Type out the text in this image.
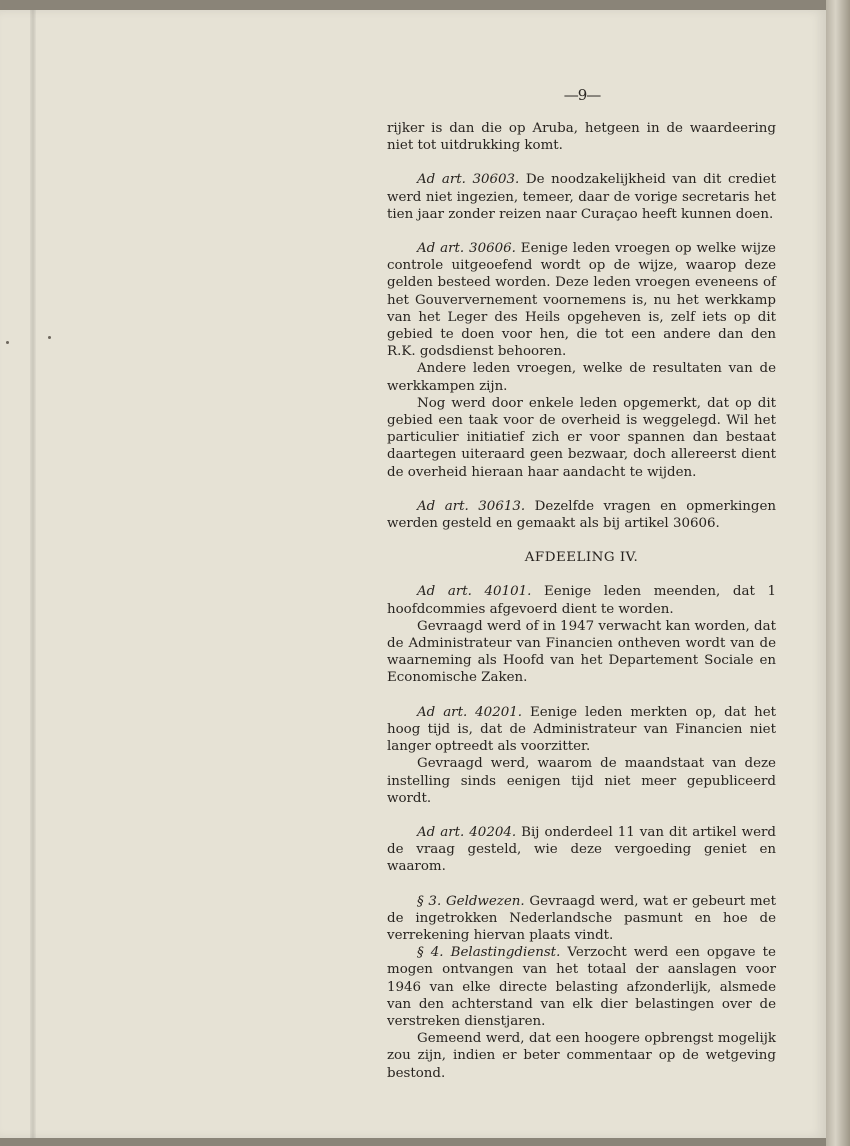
—9—

rijker is dan die op Aruba, hetgeen in de waardeering niet tot uitdrukking komt.

Ad art. 30603. De noodzakelijkheid van dit crediet werd niet ingezien, temeer, daar de vorige secretaris het tien jaar zonder reizen naar Curaçao heeft kunnen doen.

Ad art. 30606. Eenige leden vroegen op welke wijze controle uitgeoefend wordt op de wijze, waarop deze gelden besteed worden. Deze leden vroegen eveneens of het Gouververnement voornemens is, nu het werkkamp van het Leger des Heils opgeheven is, zelf iets op dit gebied te doen voor hen, die tot een andere dan den R.K. godsdienst behooren.

Andere leden vroegen, welke de resultaten van de werkkampen zijn.

Nog werd door enkele leden opgemerkt, dat op dit gebied een taak voor de overheid is weggelegd. Wil het particulier initiatief zich er voor spannen dan bestaat daartegen uiteraard geen bezwaar, doch allereerst dient de overheid hieraan haar aandacht te wijden.

Ad art. 30613. Dezelfde vragen en opmerkingen werden gesteld en gemaakt als bij artikel 30606.

AFDEELING IV.

Ad art. 40101. Eenige leden meenden, dat 1 hoofdcommies afgevoerd dient te worden.

Gevraagd werd of in 1947 verwacht kan worden, dat de Administrateur van Financien ontheven wordt van de waarneming als Hoofd van het Departement Sociale en Economische Zaken.

Ad art. 40201. Eenige leden merkten op, dat het hoog tijd is, dat de Administrateur van Financien niet langer optreedt als voorzitter.

Gevraagd werd, waarom de maandstaat van deze instelling sinds eenigen tijd niet meer gepubliceerd wordt.

Ad art. 40204. Bij onderdeel 11 van dit artikel werd de vraag gesteld, wie deze vergoeding geniet en waarom.

§ 3. Geldwezen. Gevraagd werd, wat er gebeurt met de ingetrokken Nederlandsche pasmunt en hoe de verrekening hiervan plaats vindt.

§ 4. Belastingdienst. Verzocht werd een opgave te mogen ontvangen van het totaal der aanslagen voor 1946 van elke directe belasting afzonderlijk, alsmede van den achterstand van elk dier belastingen over de verstreken dienstjaren.

Gemeend werd, dat een hoogere opbrengst mogelijk zou zijn, indien er beter commentaar op de wetgeving bestond.
